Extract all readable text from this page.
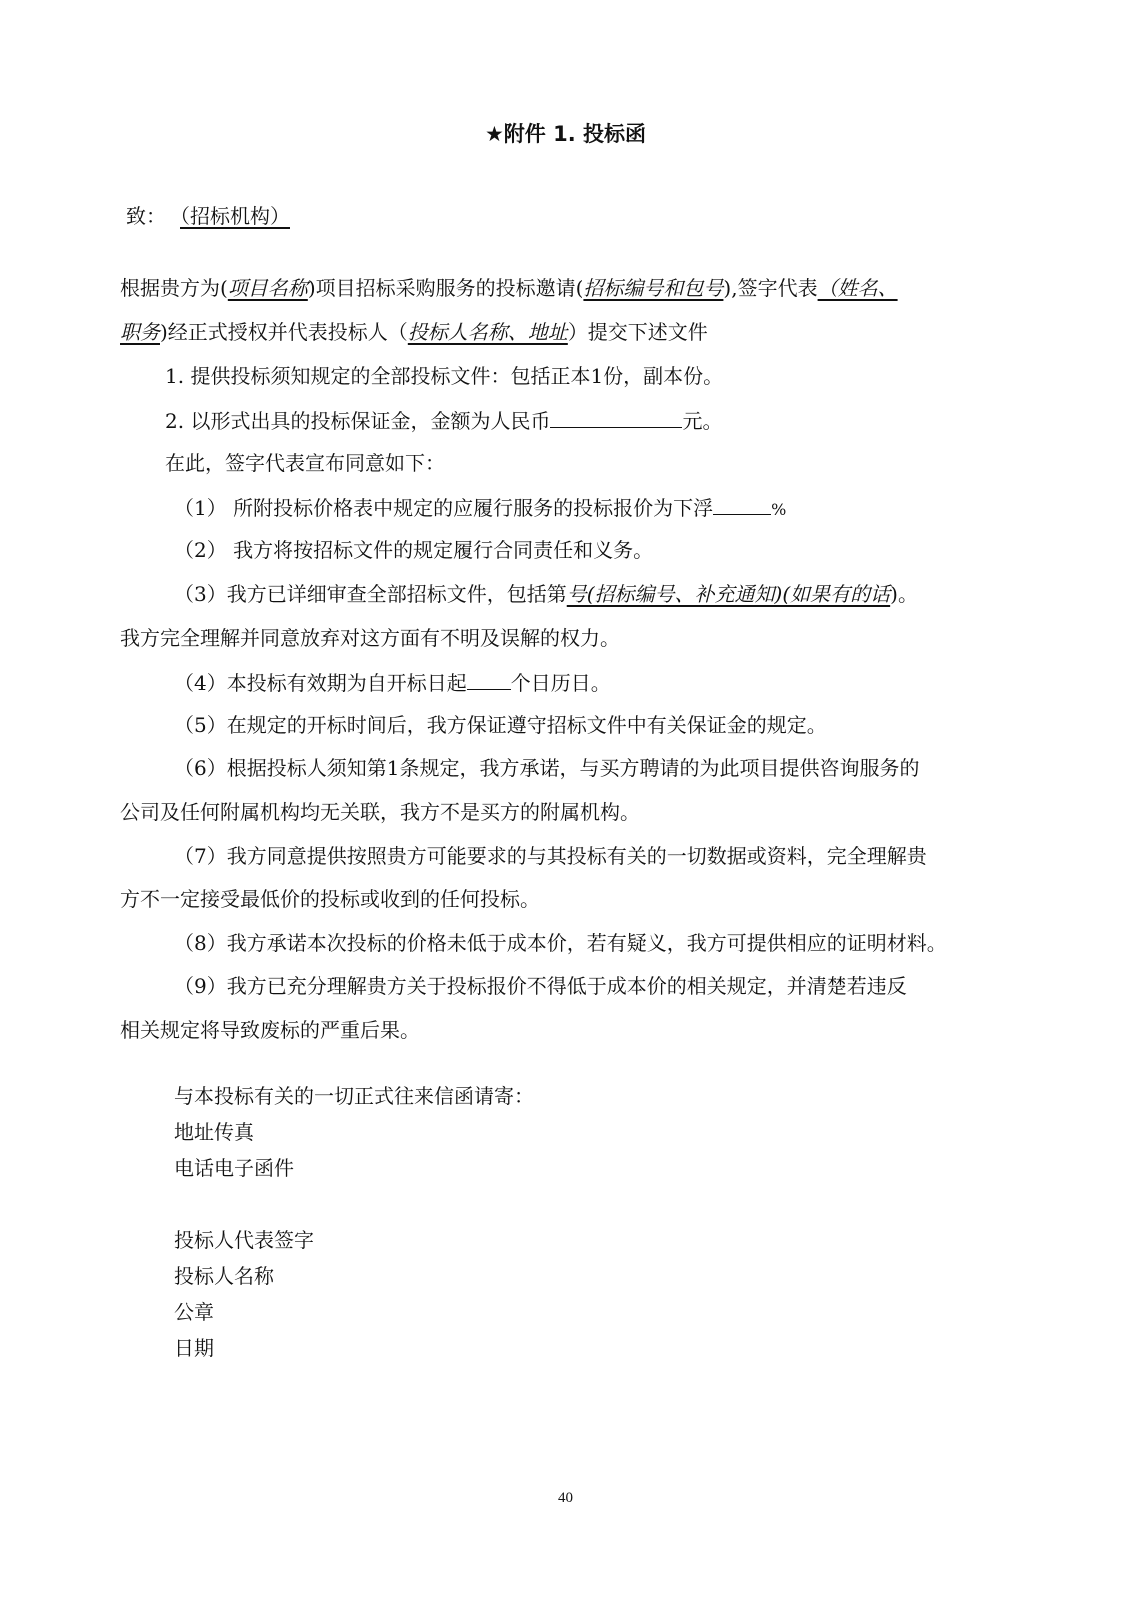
★附件 1. 投标函
致： （招标机构）
根据贵方为(项目名称)项目招标采购服务的投标邀请(招标编号和包号),签字代表（姓名、
职务)经正式授权并代表投标人（投标人名称、地址）提交下述文件
1. 提供投标须知规定的全部投标文件：包括正本1份，副本份。
2. 以形式出具的投标保证金，金额为人民币	元。
在此，签字代表宣布同意如下：
（1） 所附投标价格表中规定的应履行服务的投标报价为下浮	%
（2） 我方将按招标文件的规定履行合同责任和义务。
（3）我方已详细审查全部招标文件，包括第号(招标编号、补充通知)(如果有的话)。
我方完全理解并同意放弃对这方面有不明及误解的权力。
（4）本投标有效期为自开标日起 个日历日。
（5）在规定的开标时间后，我方保证遵守招标文件中有关保证金的规定。
（6）根据投标人须知第1条规定，我方承诺，与买方聘请的为此项目提供咨询服务的
公司及任何附属机构均无关联，我方不是买方的附属机构。
（7）我方同意提供按照贵方可能要求的与其投标有关的一切数据或资料，完全理解贵
方不一定接受最低价的投标或收到的任何投标。
（8）我方承诺本次投标的价格未低于成本价，若有疑义，我方可提供相应的证明材料。
（9）我方已充分理解贵方关于投标报价不得低于成本价的相关规定，并清楚若违反
相关规定将导致废标的严重后果。
与本投标有关的一切正式往来信函请寄：
地址传真
电话电子函件
投标人代表签字
投标人名称
公章
日期
40
